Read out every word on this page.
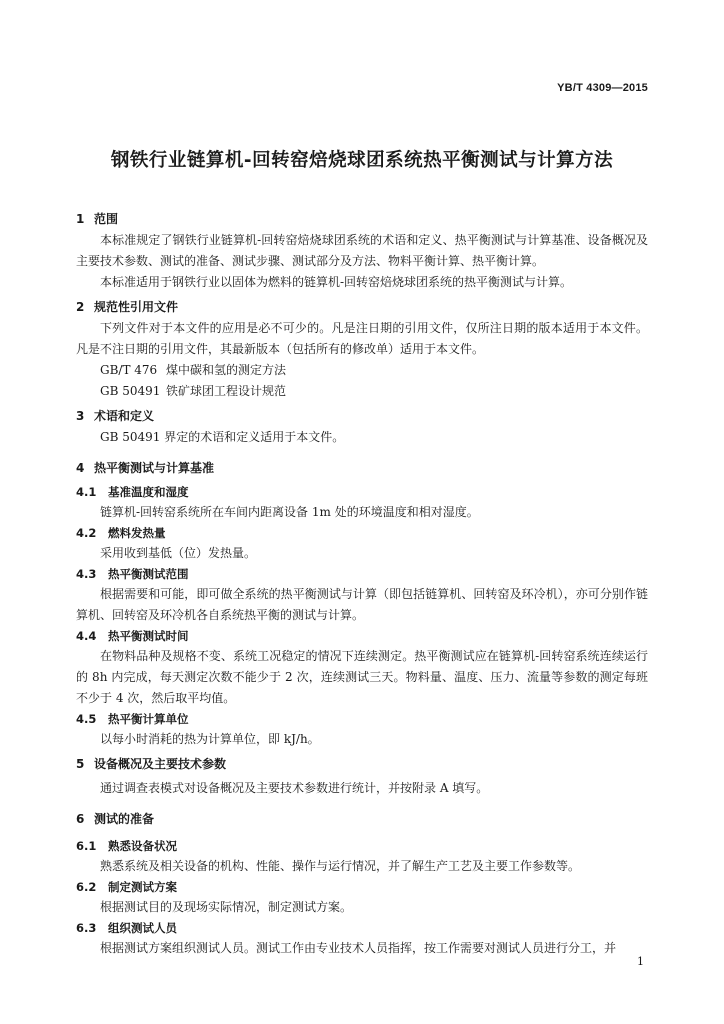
YB/T 4309—2015
钢铁行业链算机-回转窑焙烧球团系统热平衡测试与计算方法
1 范围

本标准规定了钢铁行业链算机-回转窑焙烧球团系统的术语和定义、热平衡测试与计算基准、设备概况及主要技术参数、测试的准备、测试步骤、测试部分及方法、物料平衡计算、热平衡计算。

本标准适用于钢铁行业以固体为燃料的链算机-回转窑焙烧球团系统的热平衡测试与计算。

2 规范性引用文件

下列文件对于本文件的应用是必不可少的。凡是注日期的引用文件，仅所注日期的版本适用于本文件。凡是不注日期的引用文件，其最新版本（包括所有的修改单）适用于本文件。

GB/T 476 煤中碳和氢的测定方法
GB 50491 铁矿球团工程设计规范
3 术语和定义

GB 50491 界定的术语和定义适用于本文件。

4 热平衡测试与计算基准
4.1 基准温度和湿度

链算机-回转窑系统所在车间内距离设备 1m 处的环境温度和相对湿度。

4.2 燃料发热量

采用收到基低（位）发热量。

4.3 热平衡测试范围

根据需要和可能，即可做全系统的热平衡测试与计算（即包括链算机、回转窑及环冷机），亦可分别作链算机、回转窑及环冷机各自系统热平衡的测试与计算。

4.4 热平衡测试时间

在物料品种及规格不变、系统工况稳定的情况下连续测定。热平衡测试应在链算机-回转窑系统连续运行的 8h 内完成，每天测定次数不能少于 2 次，连续测试三天。物料量、温度、压力、流量等参数的测定每班不少于 4 次，然后取平均值。

4.5 热平衡计算单位

以每小时消耗的热为计算单位，即 kJ/h。

5 设备概况及主要技术参数

通过调查表模式对设备概况及主要技术参数进行统计，并按附录 A 填写。

6 测试的准备
6.1 熟悉设备状况

熟悉系统及相关设备的机构、性能、操作与运行情况，并了解生产工艺及主要工作参数等。

6.2 制定测试方案

根据测试目的及现场实际情况，制定测试方案。

6.3 组织测试人员

根据测试方案组织测试人员。测试工作由专业技术人员指挥，按工作需要对测试人员进行分工，并

1
